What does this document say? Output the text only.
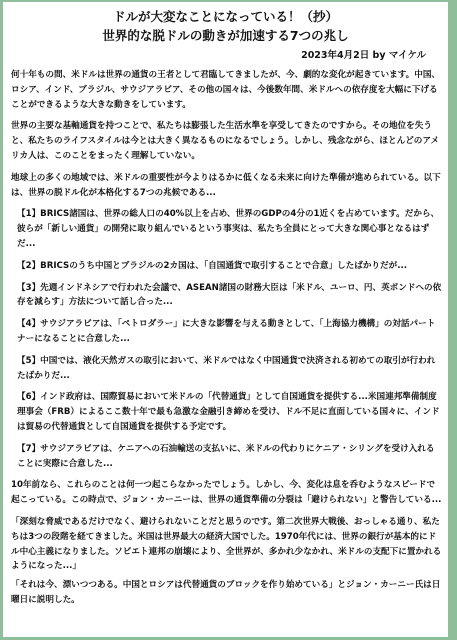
ドルが大変なことになっている！（抄）
世界的な脱ドルの動きが加速する7つの兆し
2023年4月2日 by マイケル

何十年もの間、米ドルは世界の通貨の王者として君臨してきましたが、今、劇的な変化が起きています。中国、ロシア、インド、ブラジル、サウジアラビア、その他の国々は、今後数年間、米ドルへの依存度を大幅に下げることができるような大きな動きをしています。

世界の主要な基軸通貨を持つことで、私たちは膨張した生活水準を享受してきたのですから。その地位を失うと、私たちのライフスタイルは今とは大きく異なるものになるでしょう。しかし、残念ながら、ほとんどのアメリカ人は、このことをまったく理解していない。

地球上の多くの地域では、米ドルの重要性が今よりはるかに低くなる未来に向けた準備が進められている。以下は、世界の脱ドル化が本格化する7つの兆候である...

【1】BRICS諸国は、世界の総人口の40%以上を占め、世界のGDPの4分の1近くを占めています。だから、彼らが「新しい通貨」の開発に取り組んでいるという事実は、私たち全員にとって大きな関心事となるはずだ...

【2】BRICSのうち中国とブラジルの2カ国は、「自国通貨で取引することで合意」したばかりだが...

【3】先週インドネシアで行われた会議で、ASEAN諸国の財務大臣は「米ドル、ユーロ、円、英ポンドへの依存を減らす」方法について話し合った...

【4】サウジアラビアは、「ペトロダラー」に大きな影響を与える動きとして、「上海協力機構」の対話パートナーになることに合意した...

【5】中国では、液化天然ガスの取引において、米ドルではなく中国通貨で決済される初めての取引が行われたばかりだ...

【6】インド政府は、国際貿易において米ドルの「代替通貨」として自国通貨を提供する...米国連邦準備制度理事会（FRB）によるここ数十年で最も急激な金融引き締めを受け、ドル不足に直面している国々に、インドは貿易の代替通貨として自国通貨を提供する予定です。

【7】サウジアラビアは、ケニアへの石油輸送の支払いに、米ドルの代わりにケニア・シリングを受け入れることに実際に合意した...

10年前なら、これらのことは何一つ起こらなかったでしょう。しかし、今、変化は息を呑むようなスピードで起こっている。この時点で、ジョン・カーニーは、世界の通貨準備の分裂は「避けられない」と警告している...

「深刻な脅威であるだけでなく、避けられないことだと思うのです。第二次世界大戦後、おっしゃる通り、私たちは3つの段階を経てきました。米国は世界最大の経済大国でした。1970年代には、世界の銀行が基本的にドル中心主義になりました。ソビエト連邦の崩壊により、全世界が、多かれ少なかれ、米ドルの支配下に置かれるようになった...」

「それは今、漂いつつある。中国とロシアは代替通貨のブロックを作り始めている」とジョン・カーニー氏は日曜日に説明した。
